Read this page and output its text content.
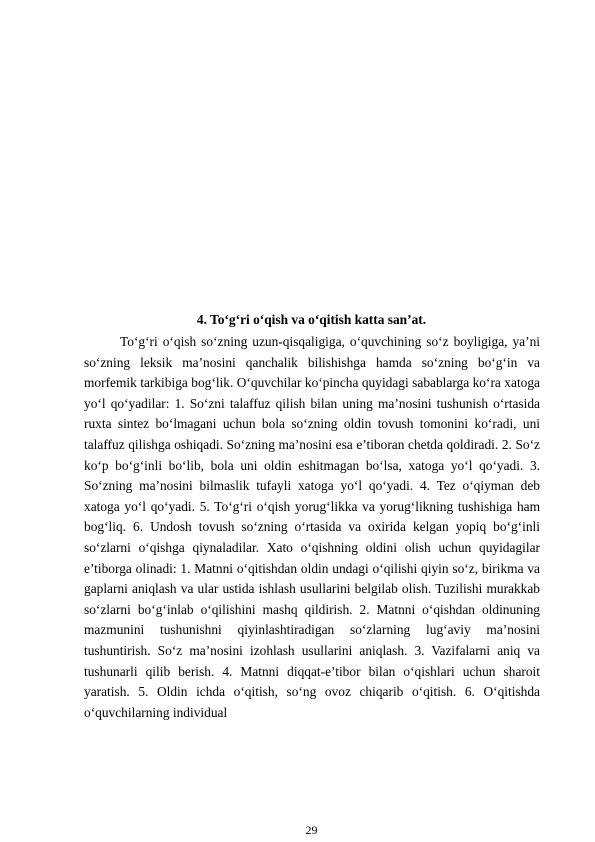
4. Toʻgʻri oʻqish va oʻqitish katta san’at.

Toʻgʻri oʻqish soʻzning uzun-qisqaligiga, oʻquvchining soʻz boyligiga, ya’ni soʻzning leksik ma’nosini qanchalik bilishishga hamda soʻzning boʻgʻin va morfemik tarkibiga bogʻlik. Oʻquvchilar koʻpincha quyidagi sabablarga koʻra xatoga yoʻl qoʻyadilar: 1. Soʻzni talaffuz qilish bilan uning ma’nosini tushunish oʻrtasida ruxta sintez boʻlmagani uchun bola soʻzning oldin tovush tomonini koʻradi, uni talaffuz qilishga oshiqadi. Soʻzning ma’nosini esa e’tiboran chetda qoldiradi. 2. Soʻz koʻp boʻgʻinli boʻlib, bola uni oldin eshitmagan boʻlsa, xatoga yoʻl qoʻyadi. 3. Soʻzning ma’nosini bilmaslik tufayli xatoga yoʻl qoʻyadi. 4. Tez oʻqiyman deb xatoga yoʻl qoʻyadi. 5. Toʻgʻri oʻqish yorugʻlikka va yorugʻlikning tushishiga ham bogʻliq. 6. Undosh tovush soʻzning oʻrtasida va oxirida kelgan yopiq boʻgʻinli soʻzlarni oʻqishga qiynaladilar. Xato oʻqishning oldini olish uchun quyidagilar e’tiborga olinadi: 1. Matnni oʻqitishdan oldin undagi oʻqilishi qiyin soʻz, birikma va gaplarni aniqlash va ular ustida ishlash usullarini belgilab olish. Tuzilishi murakkab soʻzlarni boʻgʻinlab oʻqilishini mashq qildirish. 2. Matnni oʻqishdan oldinuning mazmunini tushunishni qiyinlashtiradigan soʻzlarning lugʻaviy ma’nosini tushuntirish. Soʻz ma’nosini izohlash usullarini aniqlash. 3. Vazifalarni aniq va tushunarli qilib berish. 4. Matnni diqqat-e’tibor bilan oʻqishlari uchun sharoit yaratish. 5. Oldin ichda oʻqitish, soʻng ovoz chiqarib oʻqitish. 6. Oʻqitishda oʻquvchilarning individual

29
